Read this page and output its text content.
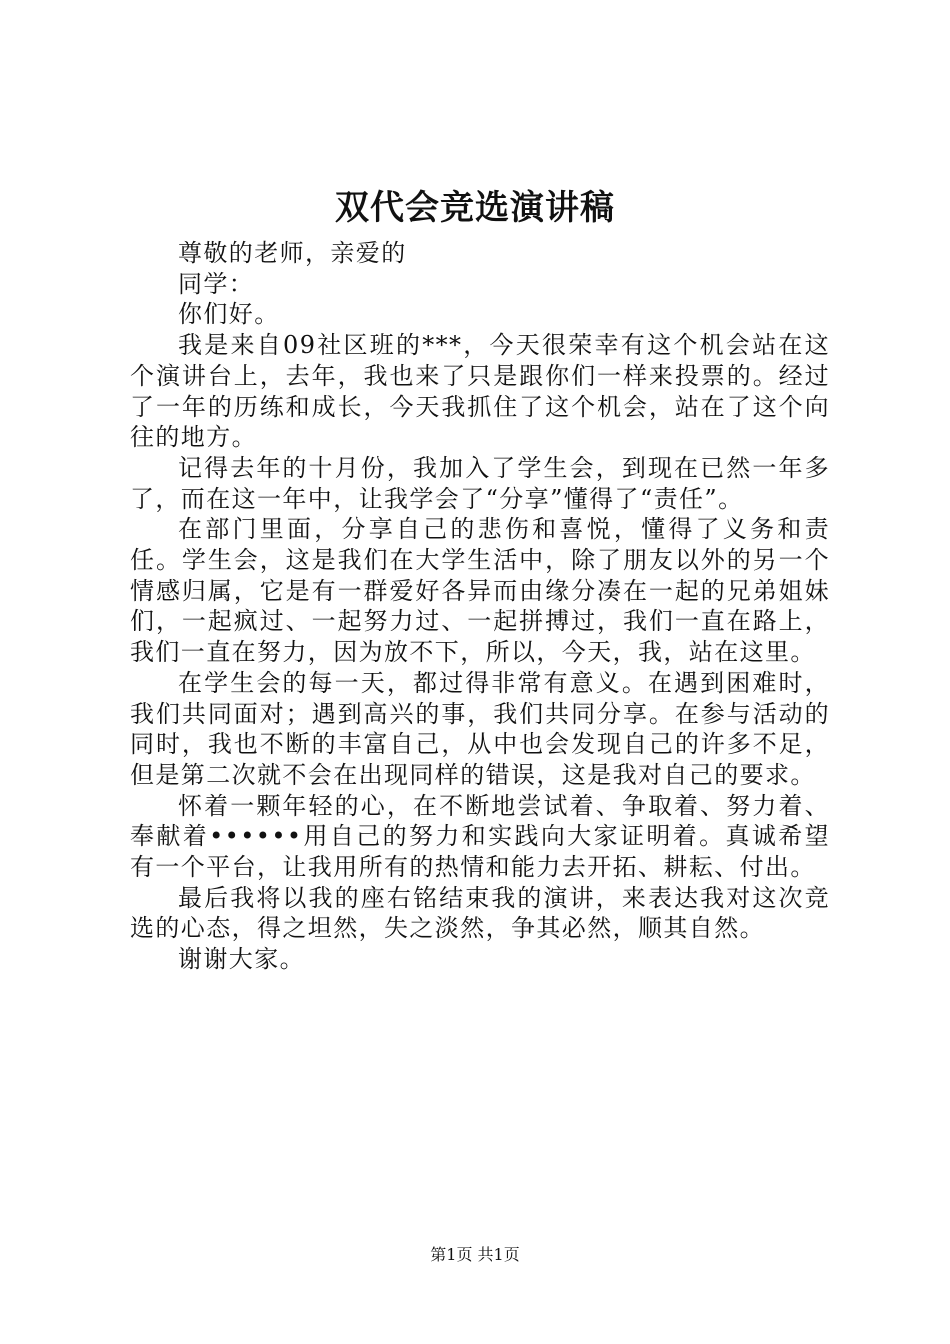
双代会竞选演讲稿

尊敬的老师，亲爱的

同学：

你们好。

我是来自09社区班的***，今天很荣幸有这个机会站在这个演讲台上，去年，我也来了只是跟你们一样来投票的。经过了一年的历练和成长，今天我抓住了这个机会，站在了这个向往的地方。

记得去年的十月份，我加入了学生会，到现在已然一年多了，而在这一年中，让我学会了“分享”懂得了“责任”。

在部门里面，分享自己的悲伤和喜悦，懂得了义务和责任。学生会，这是我们在大学生活中，除了朋友以外的另一个情感归属，它是有一群爱好各异而由缘分凑在一起的兄弟姐妹们，一起疯过、一起努力过、一起拼搏过，我们一直在路上，我们一直在努力，因为放不下，所以，今天，我，站在这里。

在学生会的每一天，都过得非常有意义。在遇到困难时，我们共同面对；遇到高兴的事，我们共同分享。在参与活动的同时，我也不断的丰富自己，从中也会发现自己的许多不足，但是第二次就不会在出现同样的错误，这是我对自己的要求。

怀着一颗年轻的心，在不断地尝试着、争取着、努力着、奉献着••••••用自己的努力和实践向大家证明着。真诚希望有一个平台，让我用所有的热情和能力去开拓、耕耘、付出。

最后我将以我的座右铭结束我的演讲，来表达我对这次竞选的心态，得之坦然，失之淡然，争其必然，顺其自然。

谢谢大家。

第1页 共1页
